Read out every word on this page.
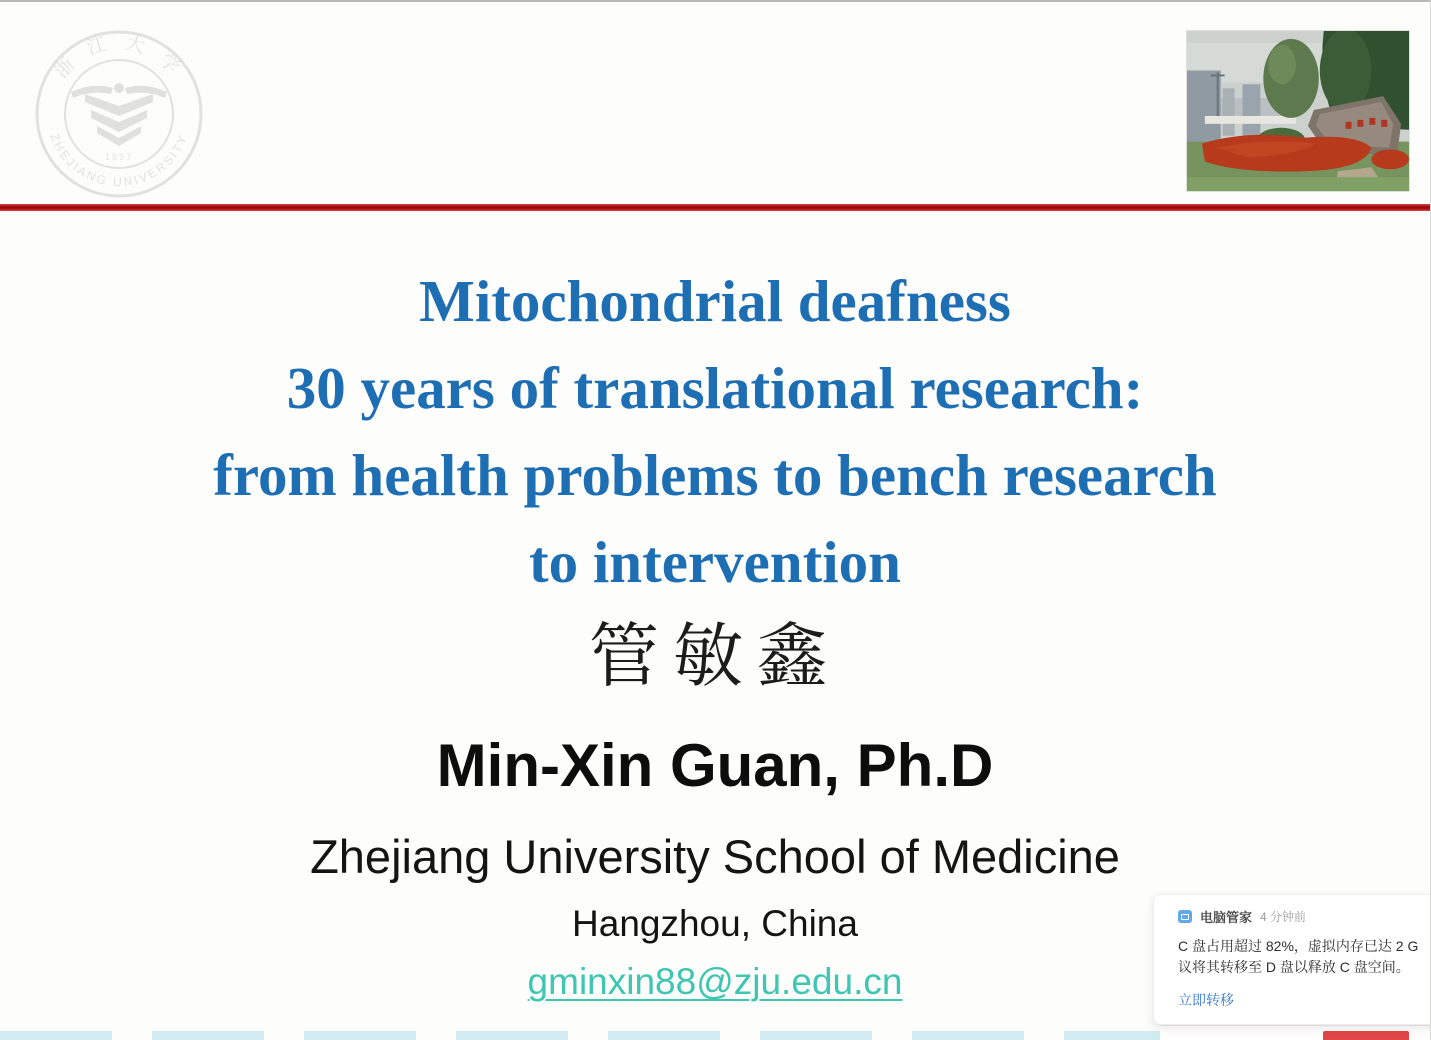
浙 江 大 学
ZHEJIANG UNIVERSITY
1897
Mitochondrial deafness
30 years of translational research:
from health problems to bench research
to intervention
管敏鑫
Min-Xin Guan, Ph.D
Zhejiang University School of Medicine
Hangzhou, China
gminxin88@zju.edu.cn
电脑管家 4 分钟前
C 盘占用超过 82%，虚拟内存已达 2 G
议将其转移至 D 盘以释放 C 盘空间。
立即转移
